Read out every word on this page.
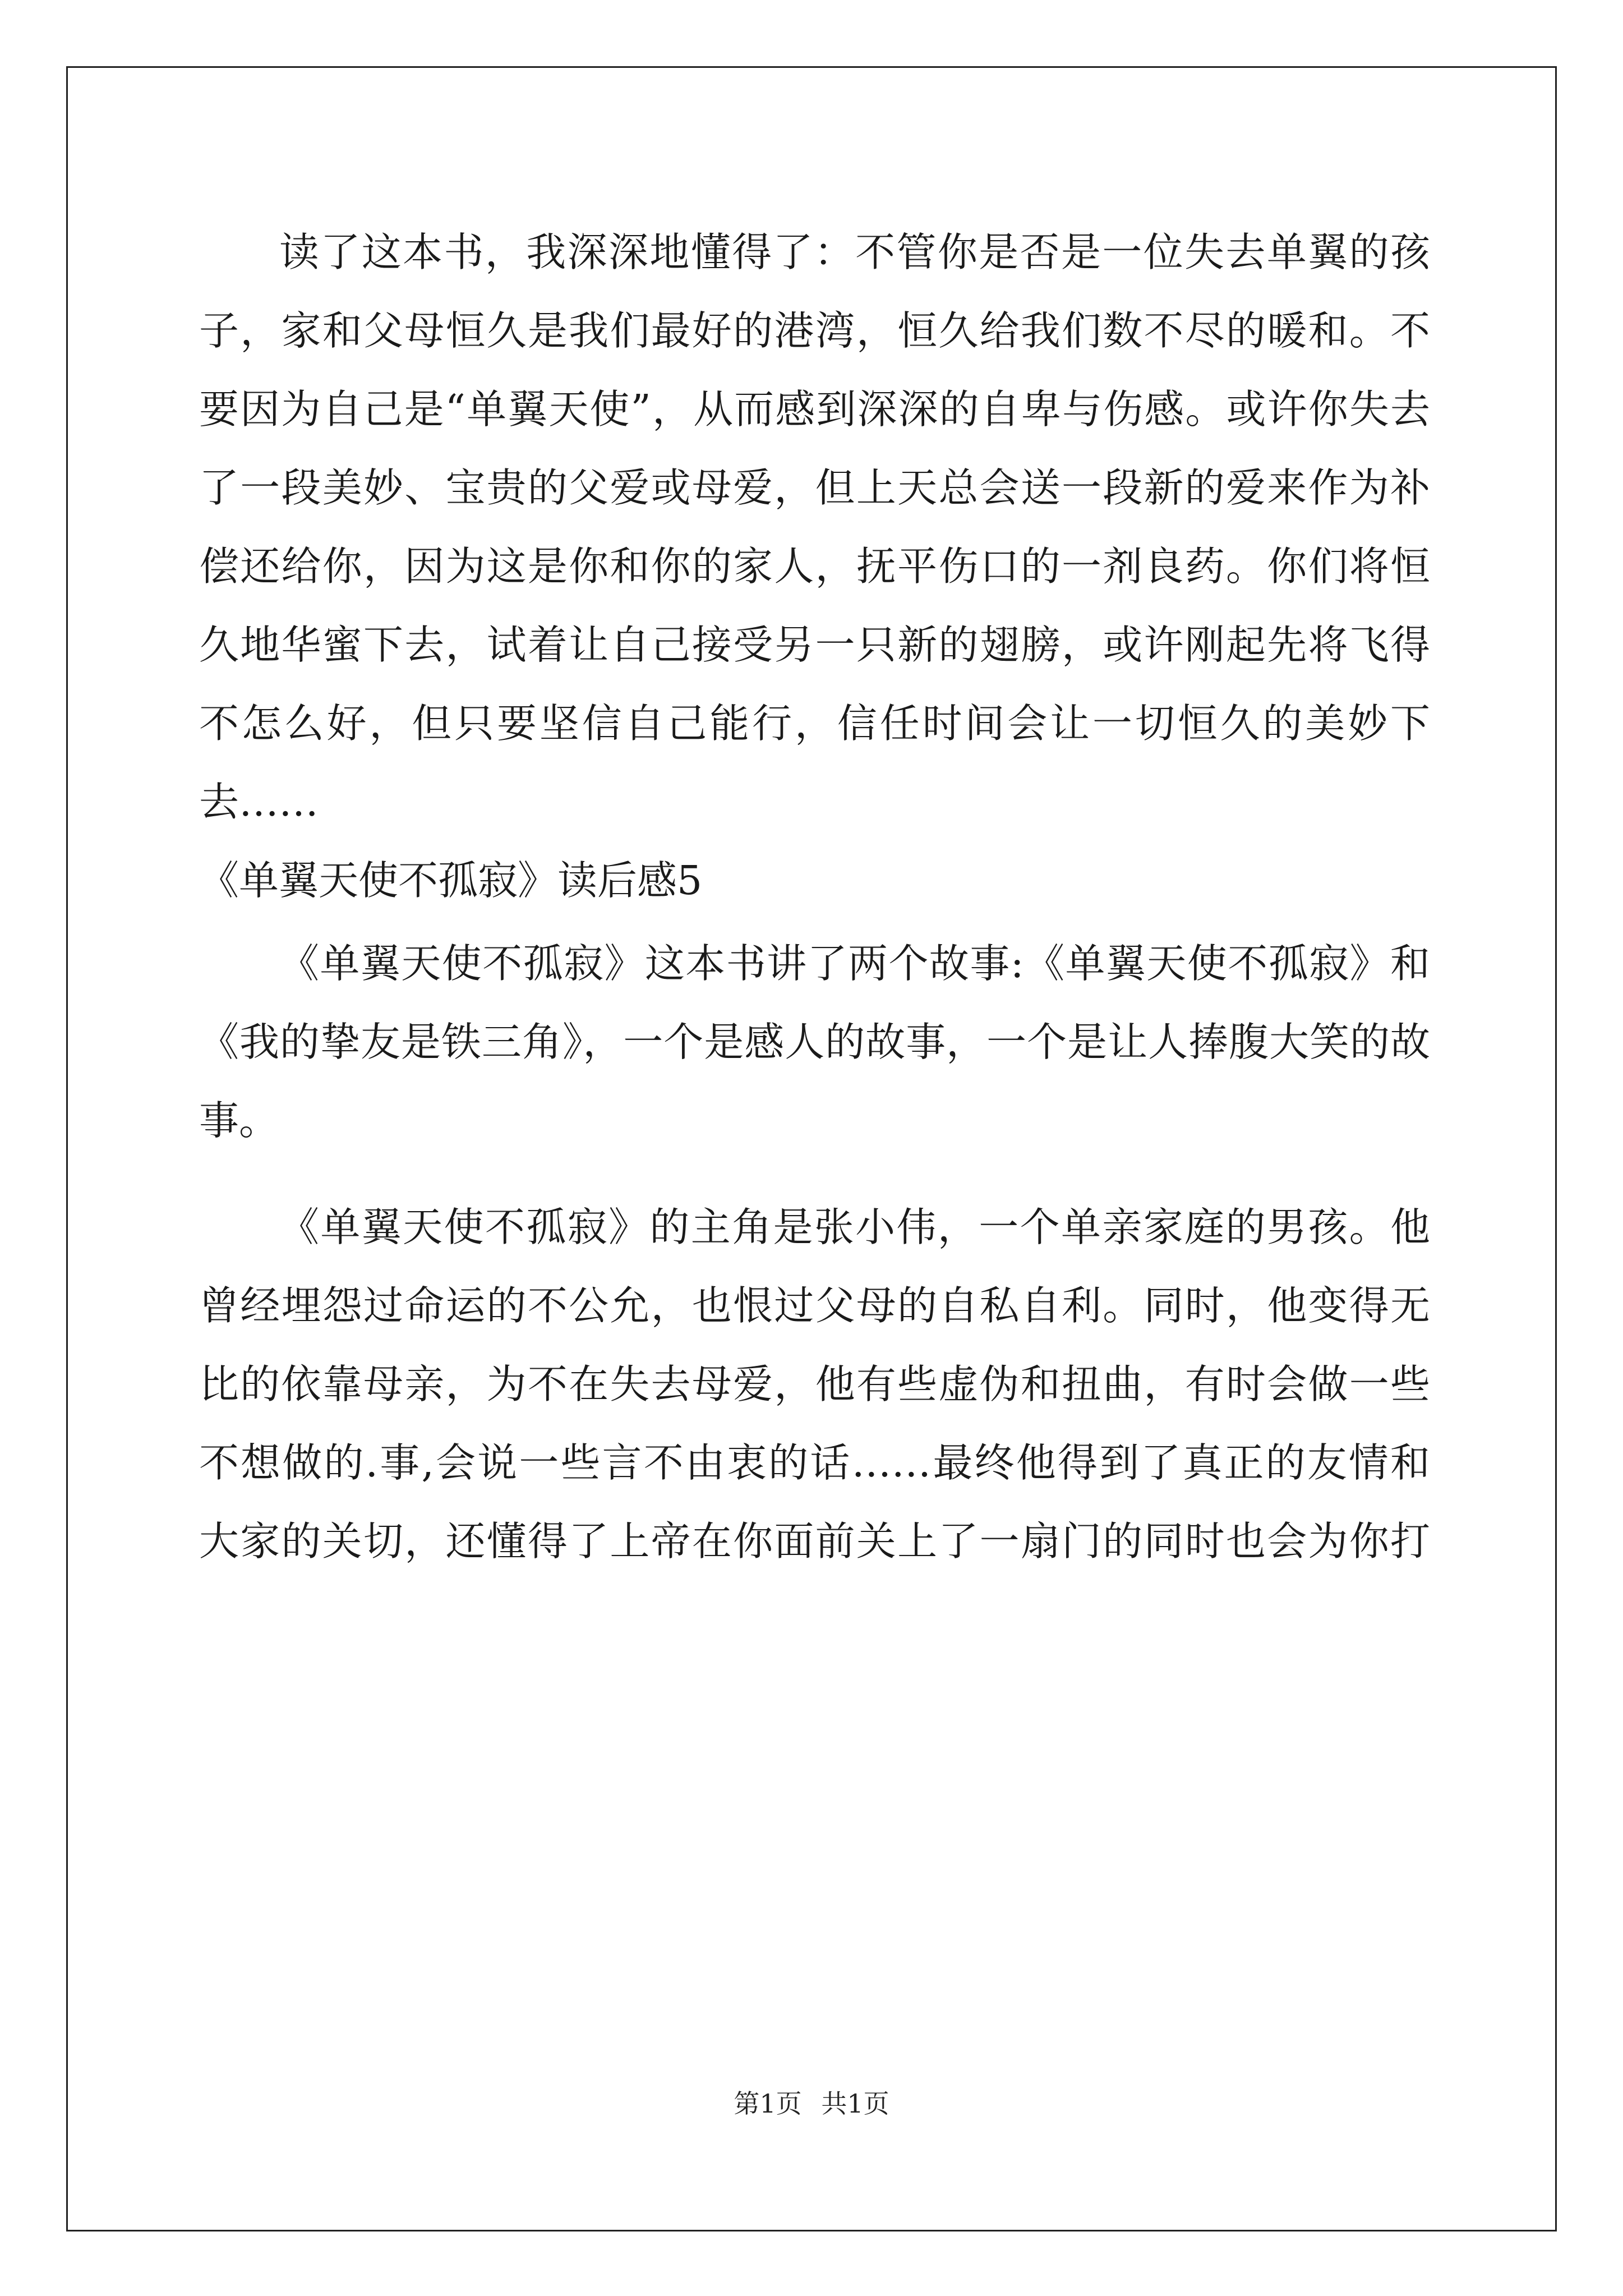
读了这本书，我深深地懂得了：不管你是否是一位失去单翼的孩
子，家和父母恒久是我们最好的港湾，恒久给我们数不尽的暖和。不
要因为自己是“单翼天使”，从而感到深深的自卑与伤感。或许你失去
了一段美妙、宝贵的父爱或母爱，但上天总会送一段新的爱来作为补
偿还给你，因为这是你和你的家人，抚平伤口的一剂良药。你们将恒
久地华蜜下去，试着让自己接受另一只新的翅膀，或许刚起先将飞得
不怎么好，但只要坚信自己能行，信任时间会让一切恒久的美妙下
去……
《单翼天使不孤寂》读后感5
《单翼天使不孤寂》这本书讲了两个故事:《单翼天使不孤寂》和
《我的挚友是铁三角》，一个是感人的故事，一个是让人捧腹大笑的故
事。
《单翼天使不孤寂》的主角是张小伟，一个单亲家庭的男孩。他
曾经埋怨过命运的不公允，也恨过父母的自私自利。同时，他变得无
比的依靠母亲，为不在失去母爱，他有些虚伪和扭曲，有时会做一些
不想做的.事,会说一些言不由衷的话……最终他得到了真正的友情和
大家的关切，还懂得了上帝在你面前关上了一扇门的同时也会为你打
第1页 共1页
